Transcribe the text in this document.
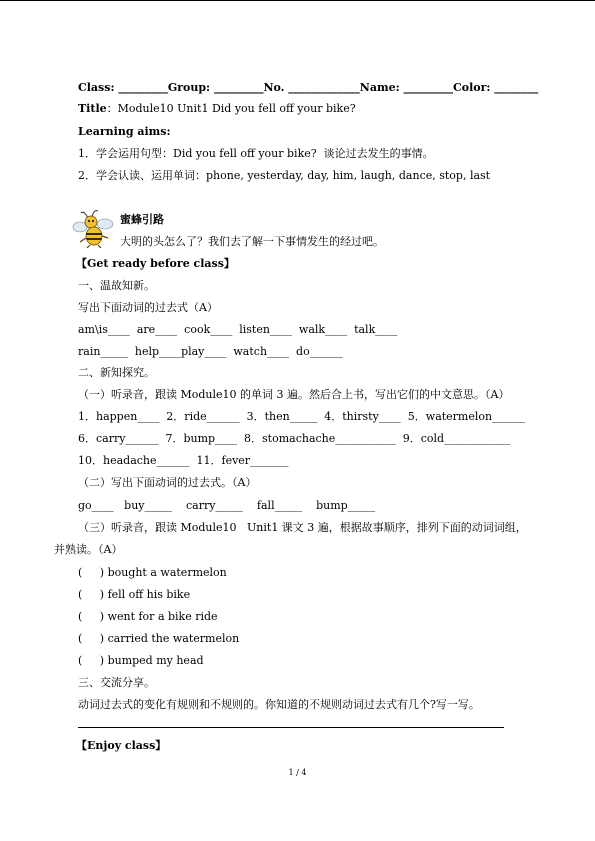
Class: _________Group: _________No. _____________Name: _________Color: ________
Title：Module10 Unit1 Did you fell off your bike?
Learning aims:
1．学会运用句型：Did you fell off your bike?  谈论过去发生的事情。
2．学会认读、运用单词：phone, yesterday, day, him, laugh, dance, stop, last
蜜蜂引路
大明的头怎么了？我们去了解一下事情发生的经过吧。
【Get ready before class】
一、温故知新。
写出下面动词的过去式（A）
am\is____  are____  cook____  listen____  walk____  talk____
rain_____  help____play____  watch____  do______
二、新知探究。
（一）听录音，跟读 Module10 的单词 3 遍。然后合上书，写出它们的中文意思。（A）
1．happen____  2．ride______  3．then_____  4．thirsty____  5．watermelon______
6．carry______  7．bump____  8．stomachache___________  9．cold____________
10．headache______  11．fever_______
（二）写出下面动词的过去式。（A）
go____   buy_____    carry_____    fall_____    bump_____
（三）听录音，跟读 Module10   Unit1 课文 3 遍，根据故事顺序，排列下面的动词词组，
并熟读。（A）
(     ) bought a watermelon
(     ) fell off his bike
(     ) went for a bike ride
(     ) carried the watermelon
(     ) bumped my head
三、交流分享。
动词过去式的变化有规则和不规则的。你知道的不规则动词过去式有几个?写一写。
【Enjoy class】
1 / 4
